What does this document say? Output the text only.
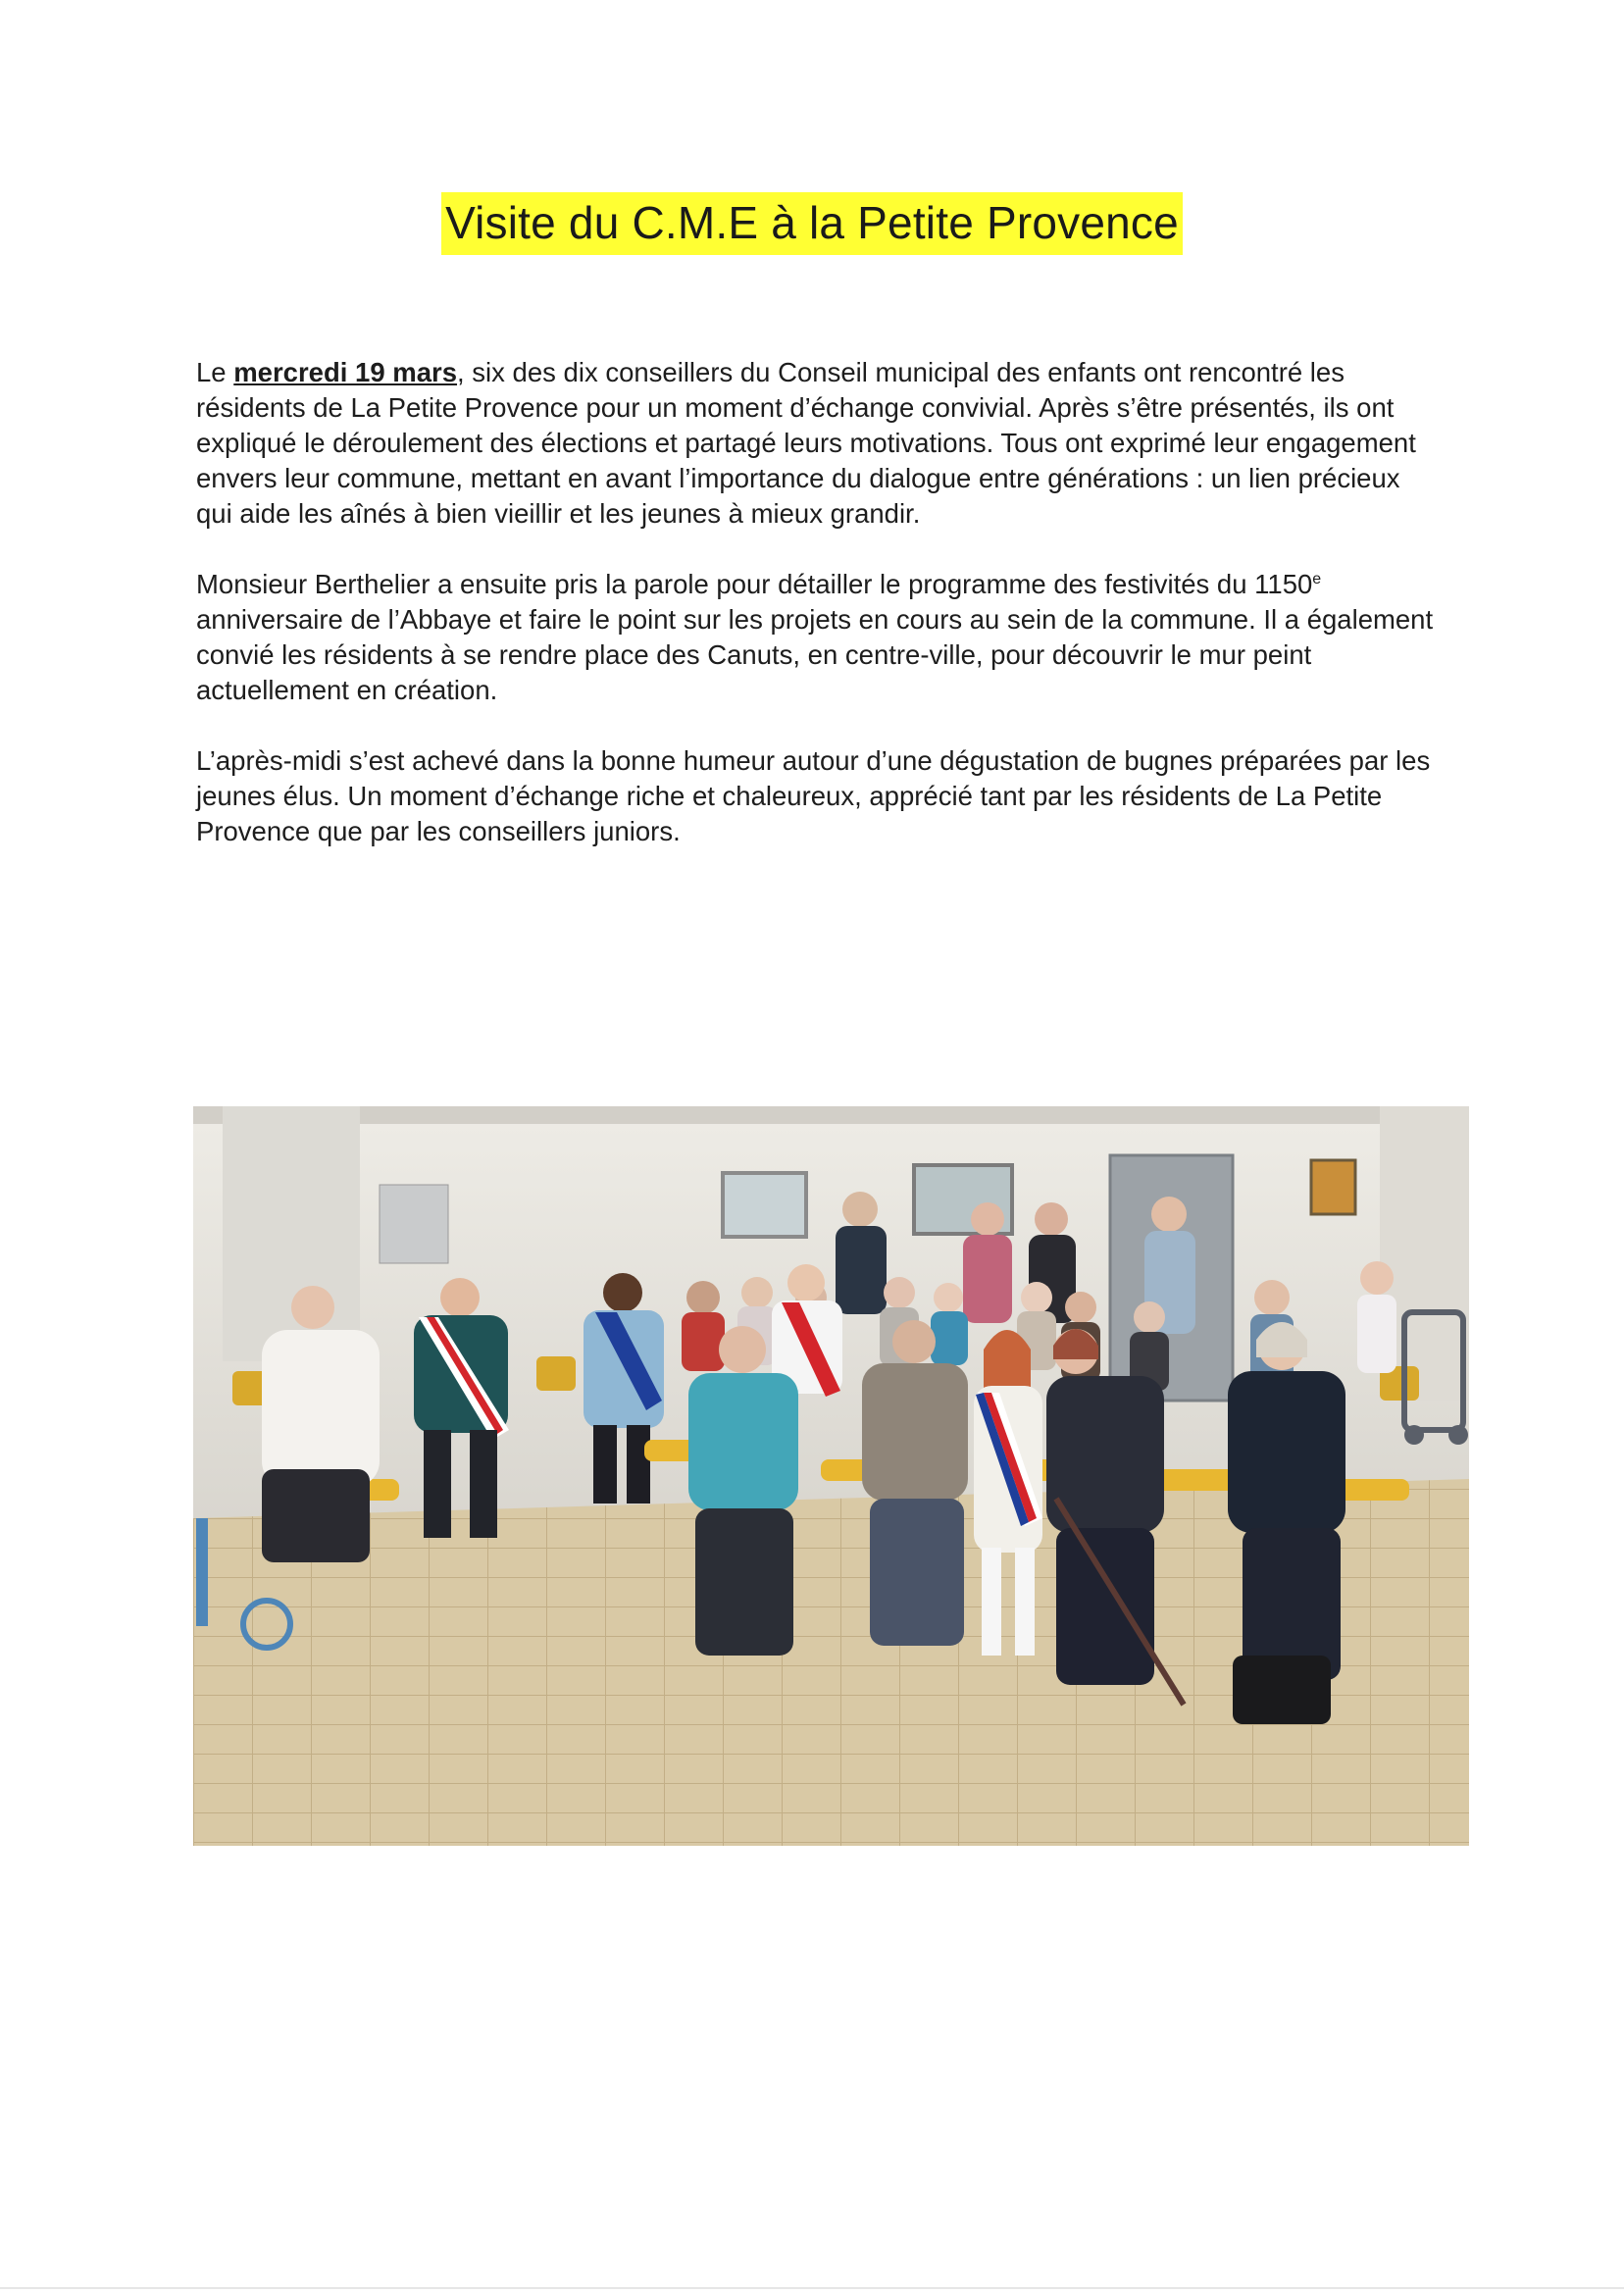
Visite du C.M.E à la Petite Provence

Le mercredi 19 mars, six des dix conseillers du Conseil municipal des enfants ont rencontré les résidents de La Petite Provence pour un moment d’échange convivial. Après s’être présentés, ils ont expliqué le déroulement des élections et partagé leurs motivations. Tous ont exprimé leur engagement envers leur commune, mettant en avant l’importance du dialogue entre générations : un lien précieux qui aide les aînés à bien vieillir et les jeunes à mieux grandir.

Monsieur Berthelier a ensuite pris la parole pour détailler le programme des festivités du 1150e anniversaire de l’Abbaye et faire le point sur les projets en cours au sein de la commune. Il a également convié les résidents à se rendre place des Canuts, en centre-ville, pour découvrir le mur peint actuellement en création.

L’après-midi s’est achevé dans la bonne humeur autour d’une dégustation de bugnes préparées par les jeunes élus. Un moment d’échange riche et chaleureux, apprécié tant par les résidents de La Petite Provence que par les conseillers juniors.
